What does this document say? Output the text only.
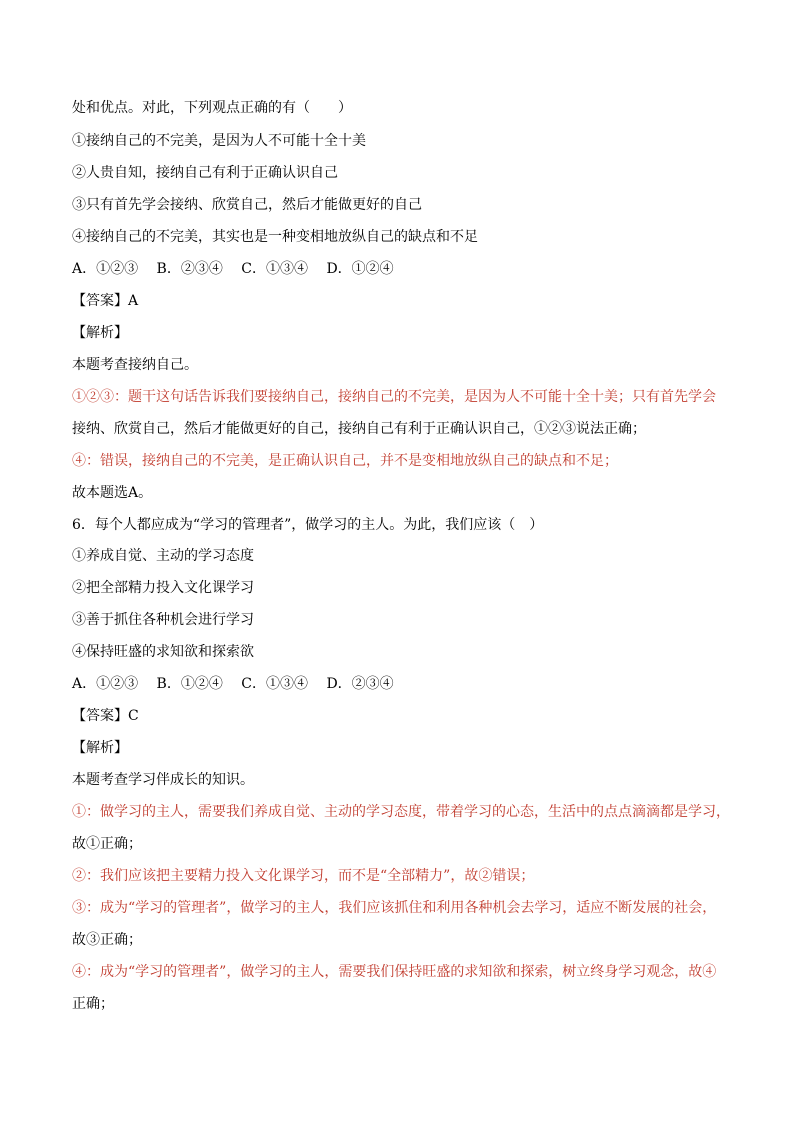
处和优点。对此，下列观点正确的有（　　）
①接纳自己的不完美，是因为人不可能十全十美
②人贵自知，接纳自己有利于正确认识自己
③只有首先学会接纳、欣赏自己，然后才能做更好的自己
④接纳自己的不完美，其实也是一种变相地放纵自己的缺点和不足
A．①②③　 B．②③④　 C．①③④　 D．①②④
【答案】A
【解析】
本题考查接纳自己。
①②③：题干这句话告诉我们要接纳自己，接纳自己的不完美，是因为人不可能十全十美；只有首先学会
接纳、欣赏自己，然后才能做更好的自己，接纳自己有利于正确认识自己，①②③说法正确；
④：错误，接纳自己的不完美，是正确认识自己，并不是变相地放纵自己的缺点和不足；
故本题选A。
6．每个人都应成为“学习的管理者”，做学习的主人。为此，我们应该（　）
①养成自觉、主动的学习态度
②把全部精力投入文化课学习
③善于抓住各种机会进行学习
④保持旺盛的求知欲和探索欲
A．①②③　 B．①②④　 C．①③④　 D．②③④
【答案】C
【解析】
本题考查学习伴成长的知识。
①：做学习的主人，需要我们养成自觉、主动的学习态度，带着学习的心态，生活中的点点滴滴都是学习，
故①正确；
②：我们应该把主要精力投入文化课学习，而不是“全部精力”，故②错误；
③：成为“学习的管理者”，做学习的主人，我们应该抓住和利用各种机会去学习，适应不断发展的社会，
故③正确；
④：成为“学习的管理者”，做学习的主人，需要我们保持旺盛的求知欲和探索，树立终身学习观念，故④
正确；
